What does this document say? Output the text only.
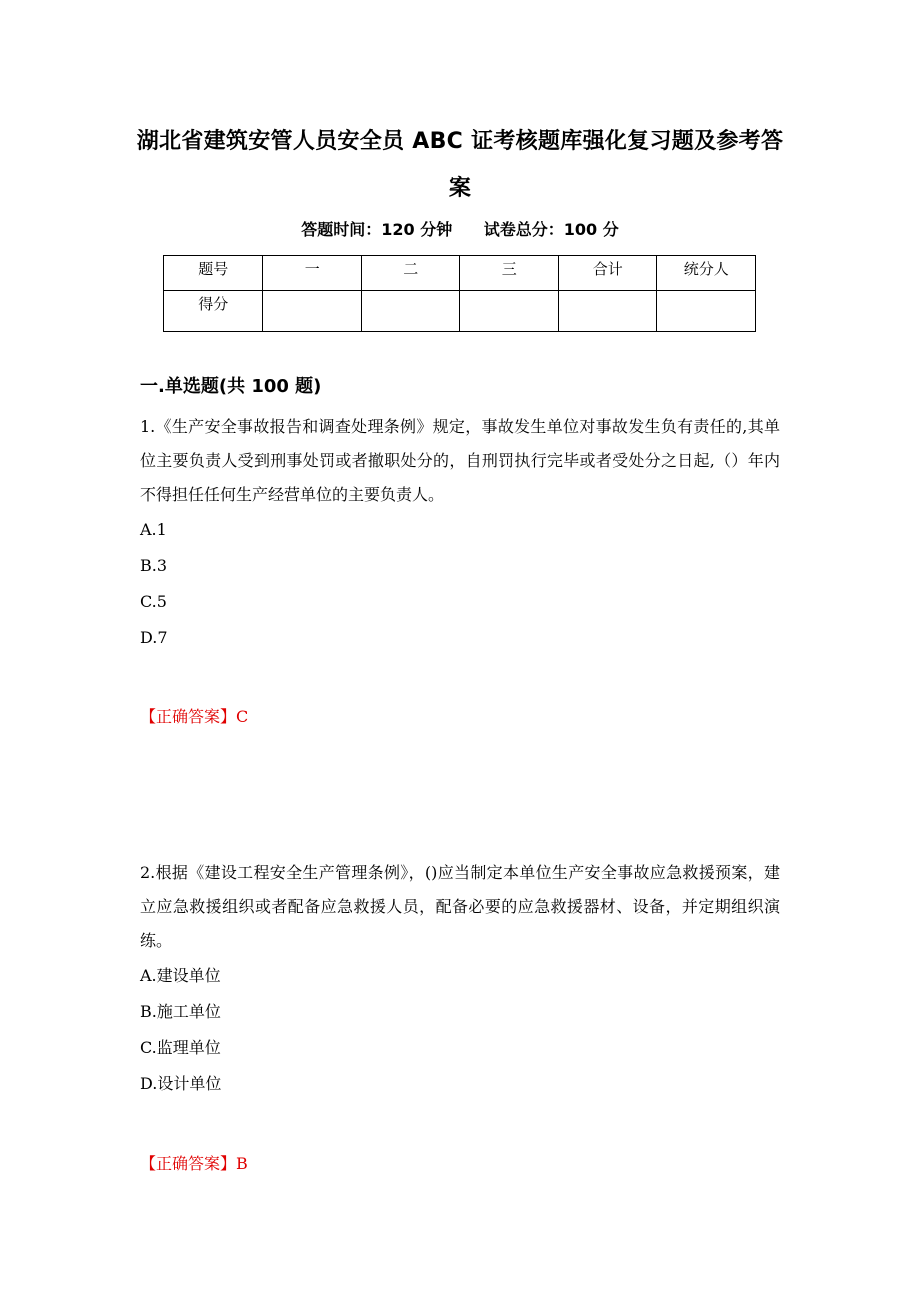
湖北省建筑安管人员安全员 ABC 证考核题库强化复习题及参考答案
答题时间：120 分钟 试卷总分：100 分
题号	一	二	三	合计	统分人
得分					
一.单选题(共 100 题)

1.《生产安全事故报告和调查处理条例》规定，事故发生单位对事故发生负有责任的,其单位主要负责人受到刑事处罚或者撤职处分的，自刑罚执行完毕或者受处分之日起,（）年内不得担任任何生产经营单位的主要负责人。

A.1

B.3

C.5

D.7

【正确答案】C

2.根据《建设工程安全生产管理条例》，()应当制定本单位生产安全事故应急救援预案，建立应急救援组织或者配备应急救援人员，配备必要的应急救援器材、设备，并定期组织演练。

A.建设单位

B.施工单位

C.监理单位

D.设计单位

【正确答案】B
